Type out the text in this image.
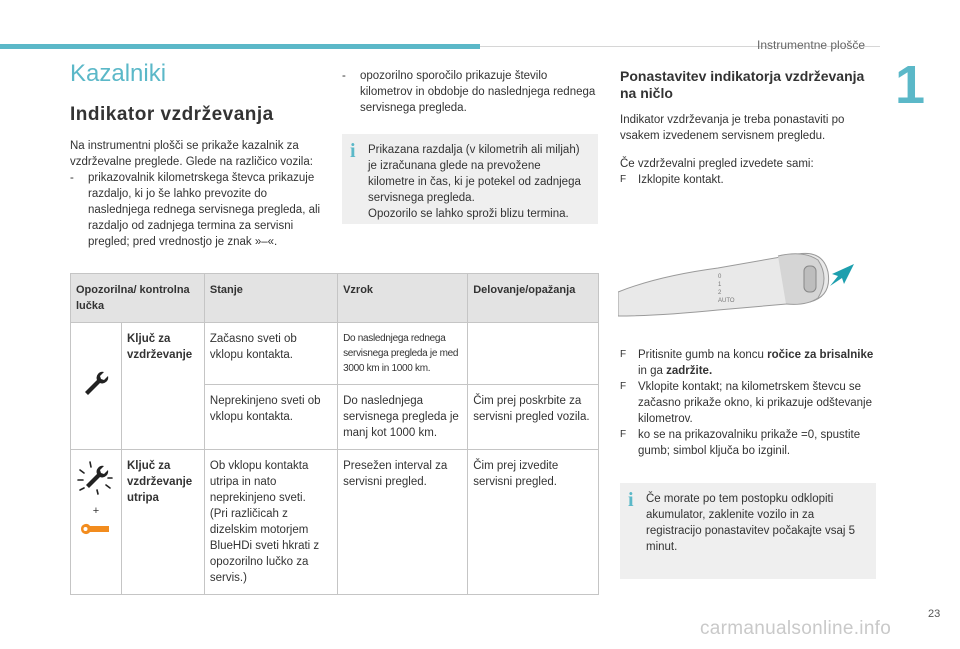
Instrumentne plošče
1
Kazalniki
Indikator vzdrževanja

Na instrumentni plošči se prikaže kazalnik za vzdrževalne preglede. Glede na različico vozila:

-	prikazovalnik kilometrskega števca prikazuje razdaljo, ki jo še lahko prevozite do naslednjega rednega servisnega pregleda, ali razdaljo od zadnjega termina za servisni pregled; pred vrednostjo je znak »–«.
-	opozorilno sporočilo prikazuje število kilometrov in obdobje do naslednjega rednega servisnega pregleda.
i Prikazana razdalja (v kilometrih ali miljah) je izračunana glede na prevožene kilometre in čas, ki je potekel od zadnjega servisnega pregleda.
Opozorilo se lahko sproži blizu termina.
Ponastavitev indikatorja vzdrževanja na ničlo

Indikator vzdrževanja je treba ponastaviti po vsakem izvedenem servisnem pregledu.

Če vzdrževalni pregled izvedete sami:

F	Izklopite kontakt.
0
1
2
AUTO
F	Pritisnite gumb na koncu ročice za brisalnike in ga zadržite.
F	Vklopite kontakt; na kilometrskem števcu se začasno prikaže okno, ki prikazuje odštevanje kilometrov.
F	ko se na prikazovalniku prikaže =0, spustite gumb; simbol ključa bo izginil.
i Če morate po tem postopku odklopiti akumulator, zaklenite vozilo in za registracijo ponastavitev počakajte vsaj 5 minut.
Opozorilna/ kontrolna lučka		Stanje	Vzrok	Delovanje/opažanja
	Ključ za vzdrževanje	Začasno sveti ob vklopu kontakta.	Do naslednjega rednega servisnega pregleda je med 3000 km in 1000 km.	
		Neprekinjeno sveti ob vklopu kontakta.	Do naslednjega servisnega pregleda je manj kot 1000 km.	Čim prej poskrbite za servisni pregled vozila.

+	Ključ za vzdrževanje utripa	Ob vklopu kontakta utripa in nato neprekinjeno sveti.
(Pri različicah z dizelskim motorjem BlueHDi sveti hkrati z opozorilno lučko za servis.)	Presežen interval za servisni pregled.	Čim prej izvedite servisni pregled.
23
carmanualsonline.info
